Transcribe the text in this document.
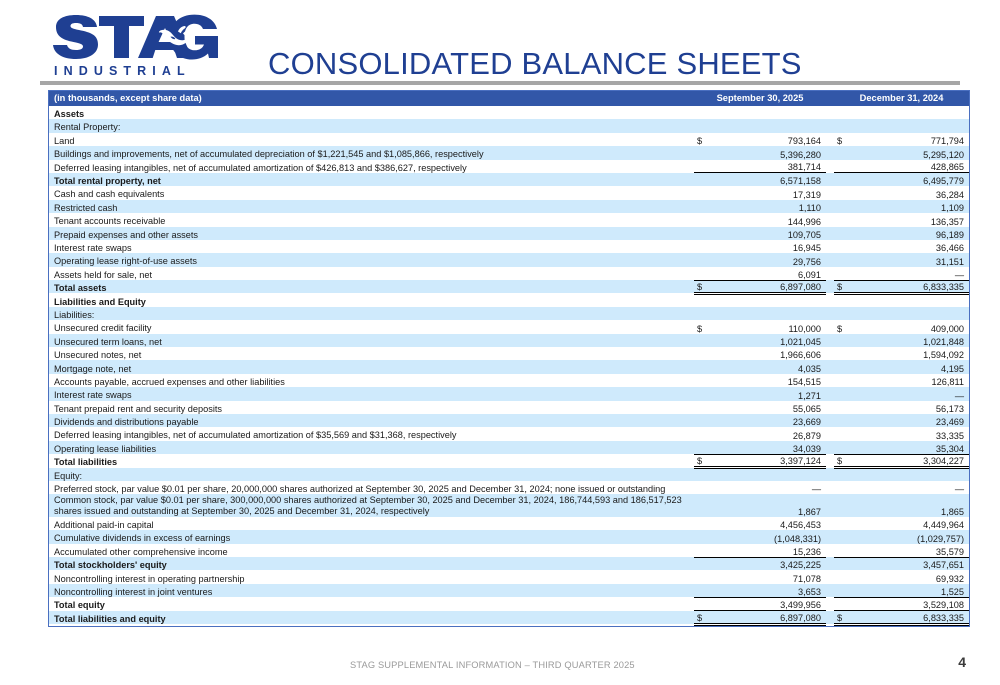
INDUSTRIAL	CONSOLIDATED BALANCE SHEETS
(in thousands, except share data)	September 30, 2025			December 31, 2024	
Assets					
Rental Property:					
Land	$	793,164		$	771,794
Buildings and improvements, net of accumulated depreciation of $1,221,545 and $1,085,866, respectively		5,396,280			5,295,120
Deferred leasing intangibles, net of accumulated amortization of $426,813 and $386,627, respectively		381,714			428,865
Total rental property, net		6,571,158			6,495,779
Cash and cash equivalents		17,319			36,284
Restricted cash		1,110			1,109
Tenant accounts receivable		144,996			136,357
Prepaid expenses and other assets		109,705			96,189
Interest rate swaps		16,945			36,466
Operating lease right-of-use assets		29,756			31,151
Assets held for sale, net		6,091			—
Total assets	$	6,897,080		$	6,833,335
Liabilities and Equity					
Liabilities:					
Unsecured credit facility	$	110,000		$	409,000
Unsecured term loans, net		1,021,045			1,021,848
Unsecured notes, net		1,966,606			1,594,092
Mortgage note, net		4,035			4,195
Accounts payable, accrued expenses and other liabilities		154,515			126,811
Interest rate swaps		1,271			—
Tenant prepaid rent and security deposits		55,065			56,173
Dividends and distributions payable		23,669			23,469
Deferred leasing intangibles, net of accumulated amortization of $35,569 and $31,368, respectively		26,879			33,335
Operating lease liabilities		34,039			35,304
Total liabilities	$	3,397,124		$	3,304,227
Equity:					
Preferred stock, par value $0.01 per share, 20,000,000 shares authorized at September 30, 2025 and December 31, 2024; none issued or outstanding		—			—
Common stock, par value $0.01 per share, 300,000,000 shares authorized at September 30, 2025 and December 31, 2024, 186,744,593 and 186,517,523 shares issued and outstanding at September 30, 2025 and December 31, 2024, respectively		1,867			1,865
Additional paid-in capital		4,456,453			4,449,964
Cumulative dividends in excess of earnings		(1,048,331)			(1,029,757)
Accumulated other comprehensive income		15,236			35,579
Total stockholders' equity		3,425,225			3,457,651
Noncontrolling interest in operating partnership		71,078			69,932
Noncontrolling interest in joint ventures		3,653			1,525
Total equity		3,499,956			3,529,108
Total liabilities and equity	$	6,897,080		$	6,833,335
STAG SUPPLEMENTAL INFORMATION – THIRD QUARTER 2025	4
